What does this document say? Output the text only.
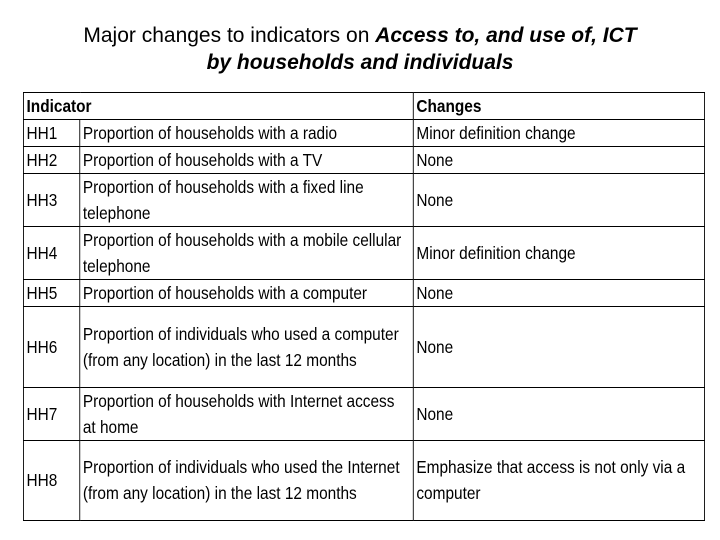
Major changes to indicators on Access to, and use of, ICT
by households and individuals
Indicator		Changes
HH1	Proportion of households with a radio	Minor definition change
HH2	Proportion of households with a TV	None
HH3	Proportion of households with a fixed line telephone	None
HH4	Proportion of households with a mobile cellular telephone	Minor definition change
HH5	Proportion of households with a computer	None
HH6	Proportion of individuals who used a computer (from any location) in the last 12 months	None
HH7	Proportion of households with Internet access at home	None
HH8	Proportion of individuals who used the Internet (from any location) in the last 12 months	Emphasize that access is not only via a computer
